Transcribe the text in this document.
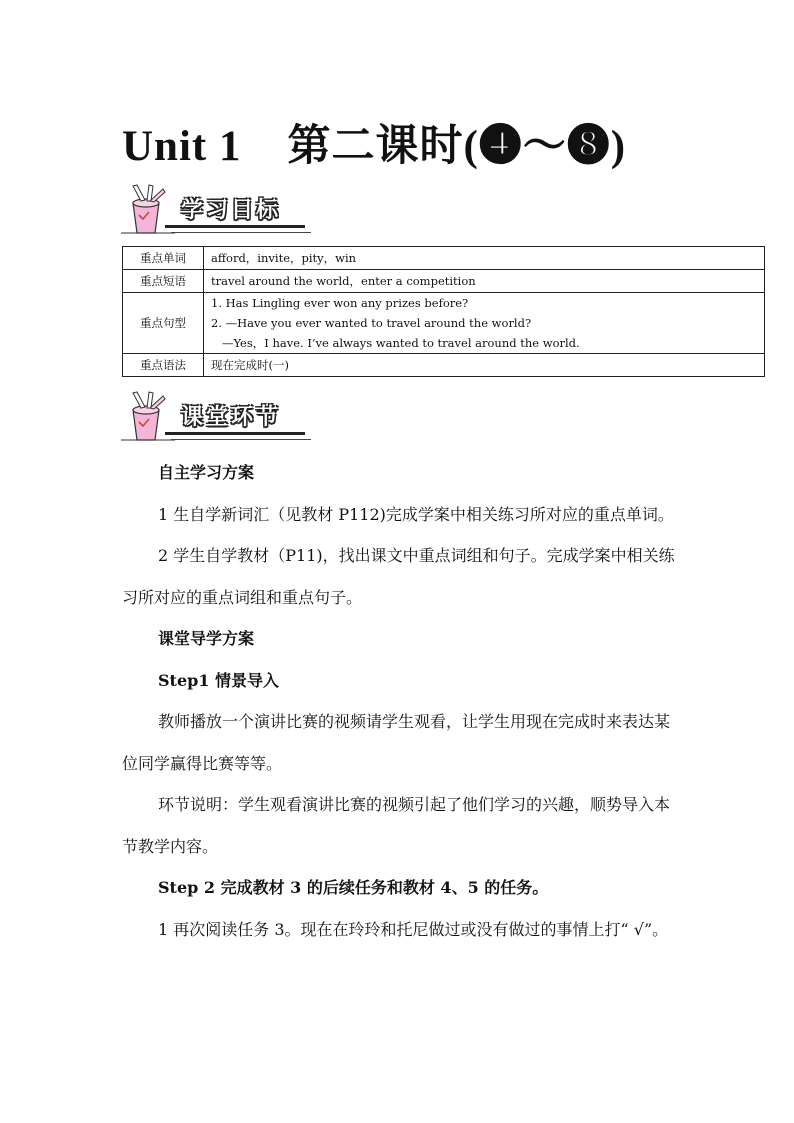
Unit 1 第二课时(❹～❽)
学习目标
重点单词	afford，invite，pity，win
重点短语	travel around the world，enter a competition
重点句型	1. Has Lingling ever won any prizes before?
2. —Have you ever wanted to travel around the world?
—Yes，I have. I’ve always wanted to travel around the world.

重点语法	现在完成时(一)
课堂环节

自主学习方案

1 生自学新词汇（见教材 P112)完成学案中相关练习所对应的重点单词。

2 学生自学教材（P11)，找出课文中重点词组和句子。完成学案中相关练习所对应的重点词组和重点句子。

课堂导学方案

Step1 情景导入

教师播放一个演讲比赛的视频请学生观看，让学生用现在完成时来表达某位同学赢得比赛等等。

环节说明：学生观看演讲比赛的视频引起了他们学习的兴趣，顺势导入本节教学内容。

Step 2 完成教材 3 的后续任务和教材 4、5 的任务。

1 再次阅读任务 3。现在在玲玲和托尼做过或没有做过的事情上打“ √”。
